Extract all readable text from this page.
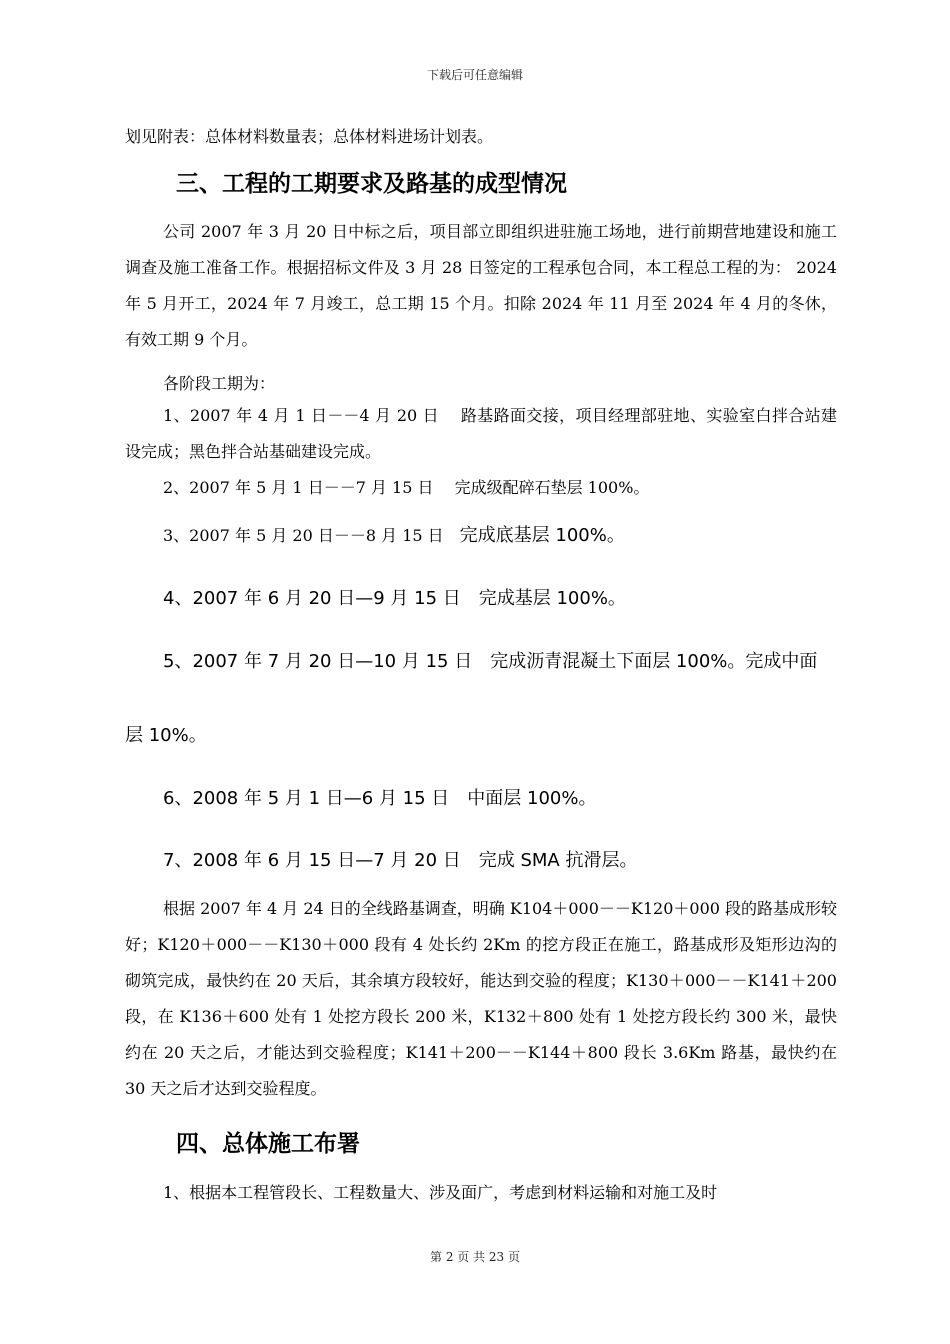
下载后可任意编辑

划见附表：总体材料数量表；总体材料进场计划表。

三、工程的工期要求及路基的成型情况

公司 2007 年 3 月 20 日中标之后，项目部立即组织进驻施工场地，进行前期营地建设和施工调查及施工准备工作。根据招标文件及 3 月 28 日签定的工程承包合同，本工程总工程的为： 2024 年 5 月开工，2024 年 7 月竣工，总工期 15 个月。扣除 2024 年 11 月至 2024 年 4 月的冬休，有效工期 9 个月。

各阶段工期为：

1、2007 年 4 月 1 日－－4 月 20 日　 路基路面交接，项目经理部驻地、实验室白拌合站建设完成；黑色拌合站基础建设完成。

2、2007 年 5 月 1 日－－7 月 15 日　 完成级配碎石垫层 100%。

3、2007 年 5 月 20 日－－8 月 15 日　完成底基层 100%。

4、2007 年 6 月 20 日—9 月 15 日　完成基层 100%。

5、2007 年 7 月 20 日—10 月 15 日　完成沥青混凝土下面层 100%。完成中面

层 10%。

6、2008 年 5 月 1 日—6 月 15 日　中面层 100%。

7、2008 年 6 月 15 日—7 月 20 日　完成 SMA 抗滑层。

根据 2007 年 4 月 24 日的全线路基调查，明确 K104＋000－－K120＋000 段的路基成形较好；K120＋000－－K130＋000 段有 4 处长约 2Km 的挖方段正在施工，路基成形及矩形边沟的砌筑完成，最快约在 20 天后，其余填方段较好，能达到交验的程度；K130＋000－－K141＋200 段，在 K136＋600 处有 1 处挖方段长 200 米，K132＋800 处有 1 处挖方段长约 300 米，最快约在 20 天之后，才能达到交验程度；K141＋200－－K144＋800 段长 3.6Km 路基，最快约在 30 天之后才达到交验程度。

四、总体施工布署

1、根据本工程管段长、工程数量大、涉及面广，考虑到材料运输和对施工及时

第 2 页 共 23 页
